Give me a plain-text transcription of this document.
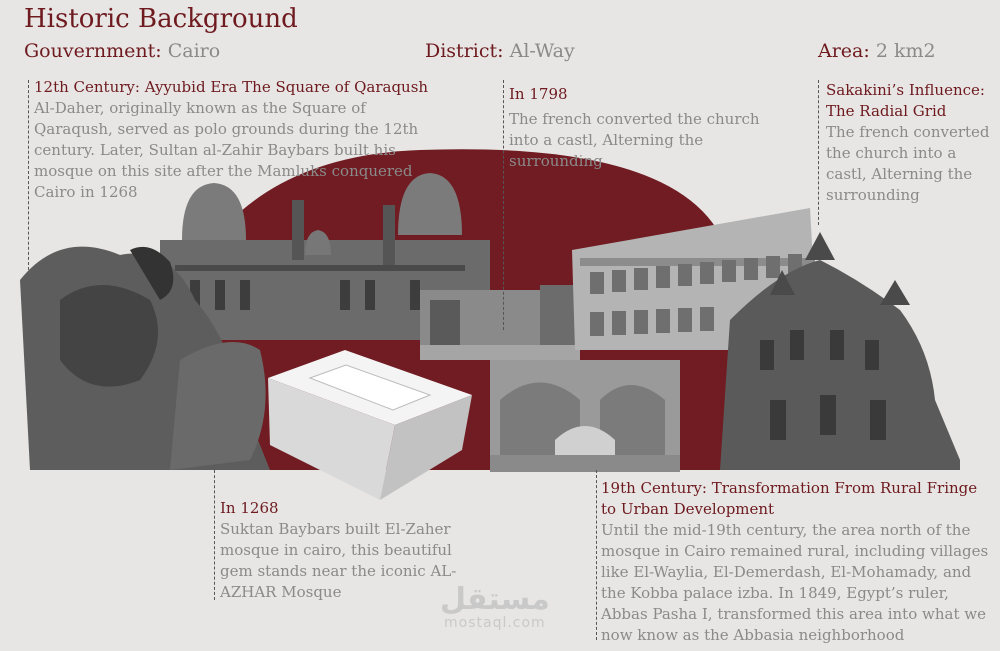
Historic Background
Gouvernment: Cairo	District: Al-Way	Area: 2 km2
12th Century: Ayyubid Era The Square of Qaraqush
Al-Daher, originally known as the Square of Qaraqush, served as polo grounds during the 12th century. Later, Sultan al-Zahir Baybars built his mosque on this site after the Mamluks conquered Cairo in 1268
In 1798
The french converted the church into a castl, Alterning the surrounding
Sakakini’s Influence: The Radial Grid
The french converted the church into a castl, Alterning the surrounding
In 1268
Suktan Baybars built El-Zaher mosque in cairo, this beautiful gem stands near the iconic AL-AZHAR Mosque
19th Century: Transformation From Rural Fringe to Urban Development
Until the mid-19th century, the area north of the mosque in Cairo remained rural, including villages like El-Waylia, El-Demerdash, El-Mohamady, and the Kobba palace izba. In 1849, Egypt’s ruler, Abbas Pasha I, transformed this area into what we now know as the Abbasia neighborhood
مستقل
mostaql.com
